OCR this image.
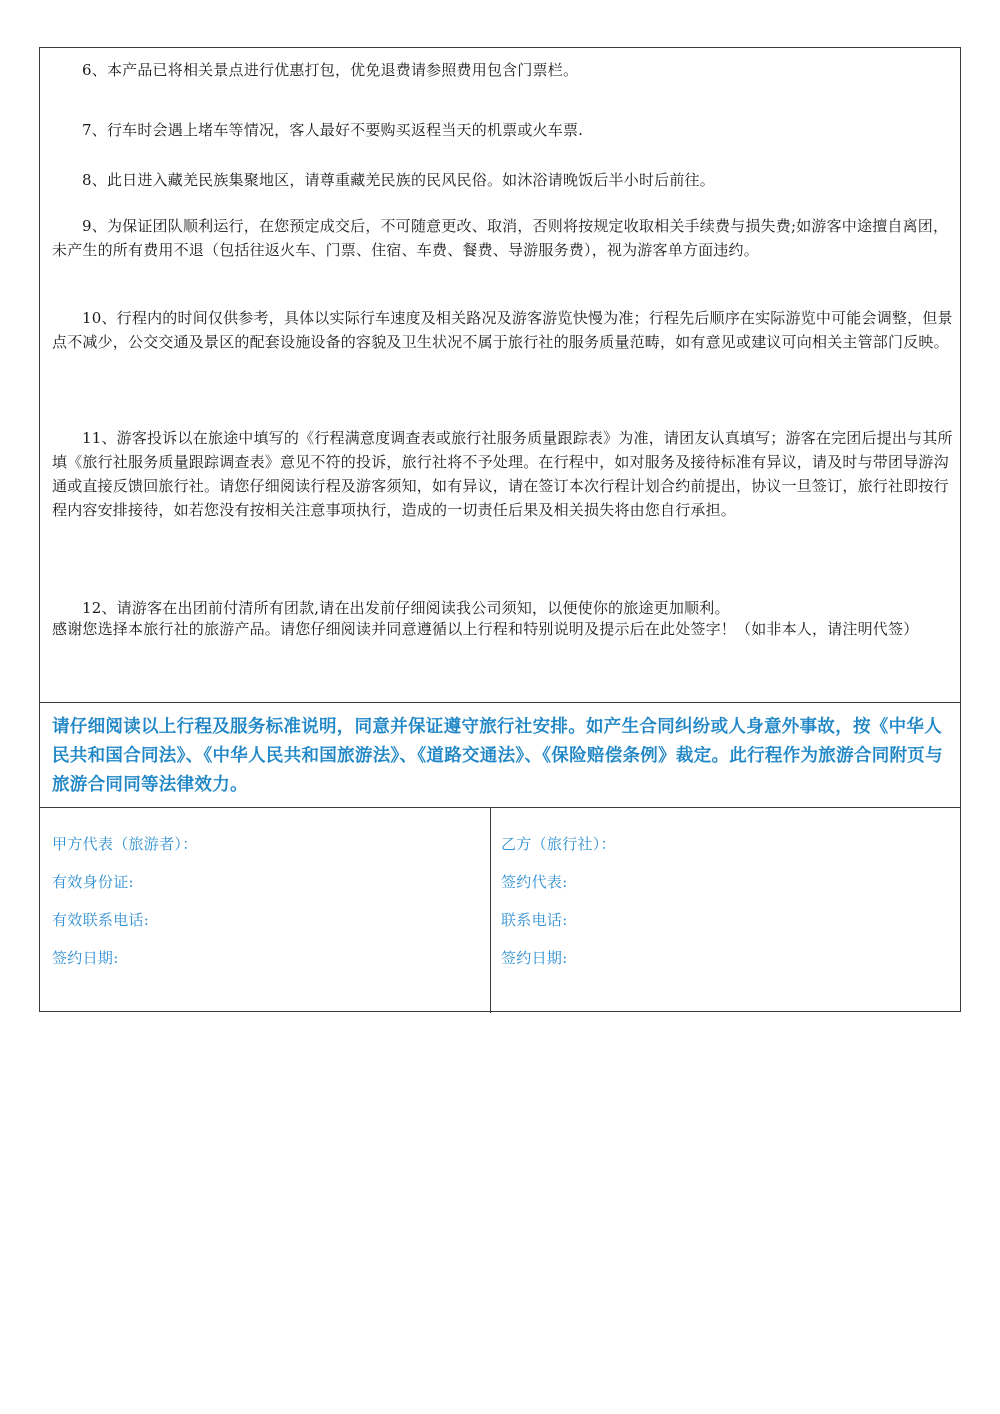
6、本产品已将相关景点进行优惠打包，优免退费请参照费用包含门票栏。

7、行车时会遇上堵车等情况，客人最好不要购买返程当天的机票或火车票.

8、此日进入藏羌民族集聚地区，请尊重藏羌民族的民风民俗。如沐浴请晚饭后半小时后前往。

9、为保证团队顺利运行，在您预定成交后，不可随意更改、取消，否则将按规定收取相关手续费与损失费;如游客中途擅自离团，未产生的所有费用不退（包括往返火车、门票、住宿、车费、餐费、导游服务费），视为游客单方面违约。

10、行程内的时间仅供参考，具体以实际行车速度及相关路况及游客游览快慢为准；行程先后顺序在实际游览中可能会调整，但景点不减少，公交交通及景区的配套设施设备的容貌及卫生状况不属于旅行社的服务质量范畴，如有意见或建议可向相关主管部门反映。

11、游客投诉以在旅途中填写的《行程满意度调查表或旅行社服务质量跟踪表》为准，请团友认真填写；游客在完团后提出与其所填《旅行社服务质量跟踪调查表》意见不符的投诉，旅行社将不予处理。在行程中，如对服务及接待标准有异议，请及时与带团导游沟通或直接反馈回旅行社。请您仔细阅读行程及游客须知，如有异议，请在签订本次行程计划合约前提出，协议一旦签订，旅行社即按行程内容安排接待，如若您没有按相关注意事项执行，造成的一切责任后果及相关损失将由您自行承担。

12、请游客在出团前付清所有团款,请在出发前仔细阅读我公司须知，以便使你的旅途更加顺利。

感谢您选择本旅行社的旅游产品。请您仔细阅读并同意遵循以上行程和特别说明及提示后在此处签字！（如非本人，请注明代签）

请仔细阅读以上行程及服务标准说明，同意并保证遵守旅行社安排。如产生合同纠纷或人身意外事故，按《中华人民共和国合同法》、《中华人民共和国旅游法》、《道路交通法》、《保险赔偿条例》裁定。此行程作为旅游合同附页与旅游合同同等法律效力。
甲方代表（旅游者）：
有效身份证:
有效联系电话:
签约日期:
乙方（旅行社）：
签约代表:
联系电话:
签约日期:
